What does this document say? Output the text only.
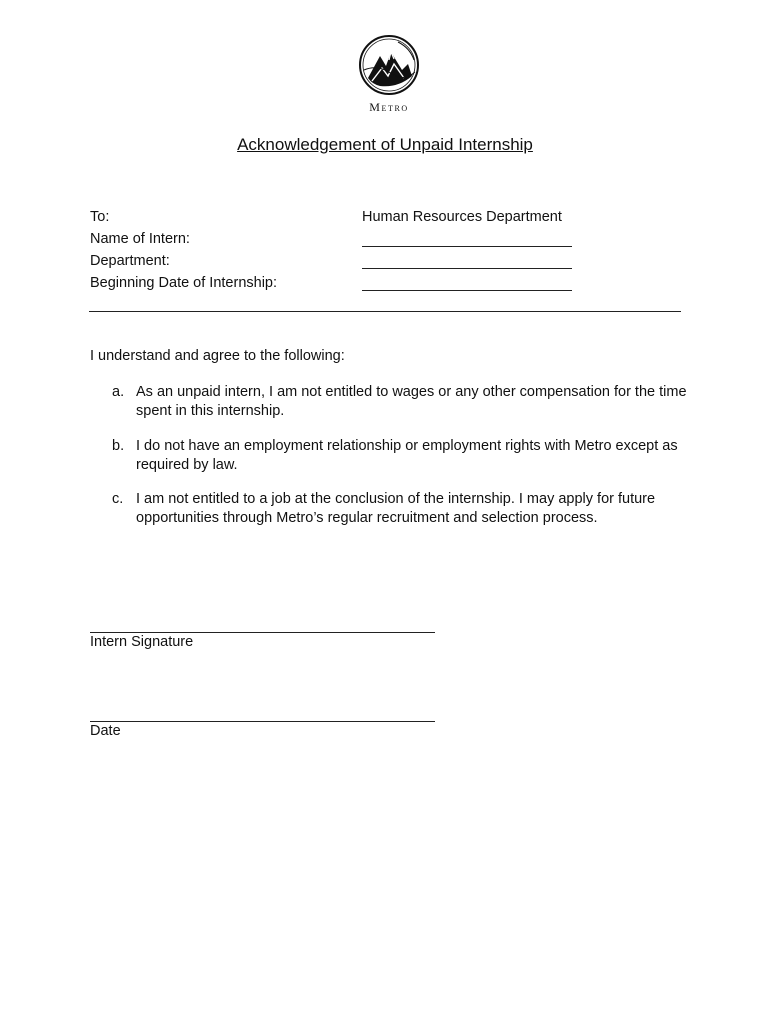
Metro
Acknowledgement of Unpaid Internship
To:	Human Resources Department
Name of Intern:
Department:
Beginning Date of Internship:
I understand and agree to the following:
a. As an unpaid intern, I am not entitled to wages or any other compensation for the time spent in this internship.
b. I do not have an employment relationship or employment rights with Metro except as required by law.
c. I am not entitled to a job at the conclusion of the internship. I may apply for future opportunities through Metro’s regular recruitment and selection process.
Intern Signature
Date
